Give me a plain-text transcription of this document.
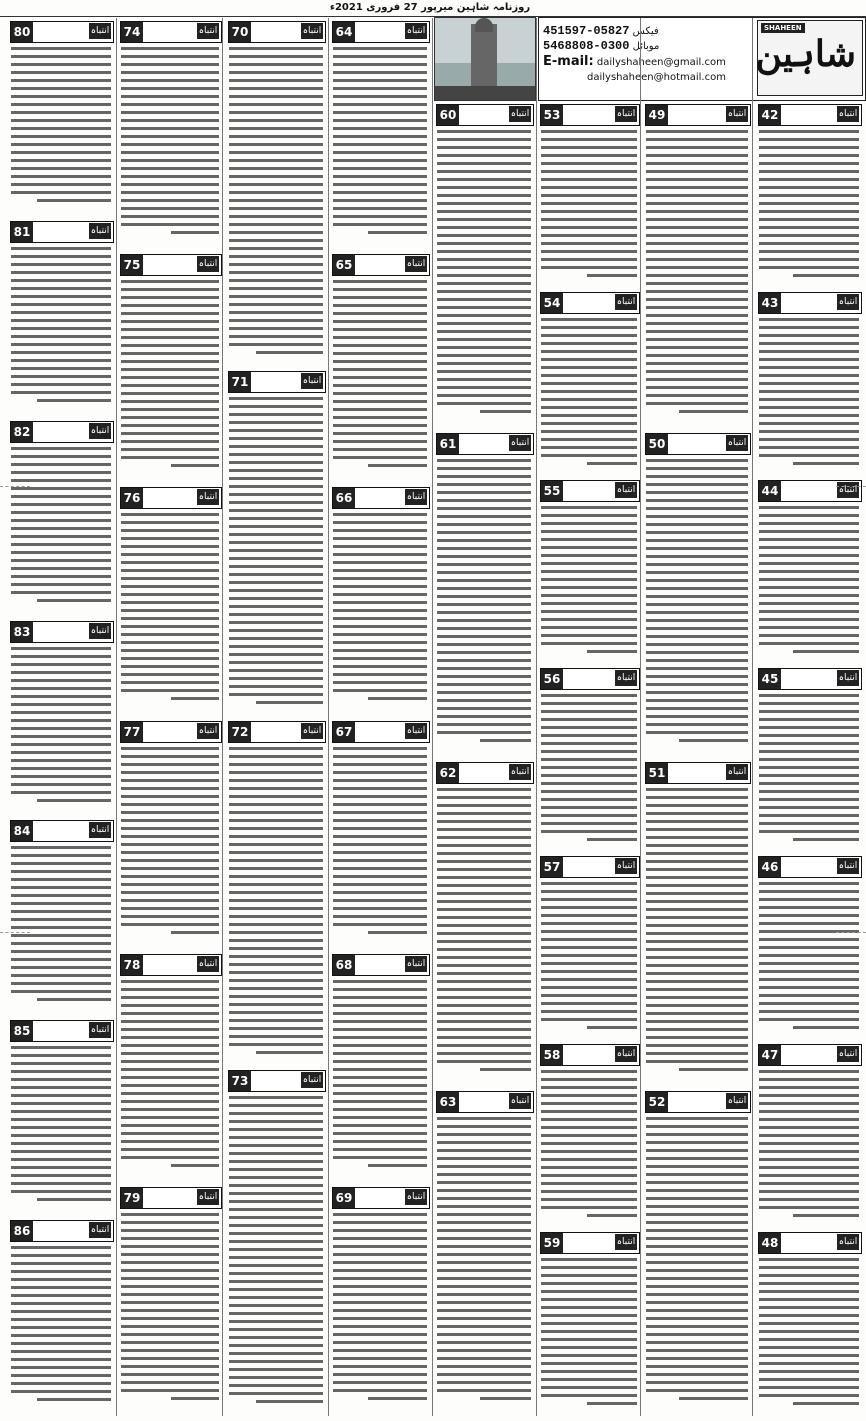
روزنامہ شاہین میرپور 27 فروری 2021ء
SHAHEEN
شاہین
فیکس 05827-451597
موبائل 0300-5468808
E-mail: dailyshaheen@gmail.com
dailyshaheen@hotmail.com
42	انتباہ
43	انتباہ
44	انتباہ
45	انتباہ
46	انتباہ
47	انتباہ
48	انتباہ
49	انتباہ
50	انتباہ
51	انتباہ
52	انتباہ
53	انتباہ
54	انتباہ
55	انتباہ
56	انتباہ
57	انتباہ
58	انتباہ
59	انتباہ
60	انتباہ
61	انتباہ
62	انتباہ
63	انتباہ
64	انتباہ
65	انتباہ
66	انتباہ
67	انتباہ
68	انتباہ
69	انتباہ
70	انتباہ
71	انتباہ
72	انتباہ
73	انتباہ
74	انتباہ
75	انتباہ
76	انتباہ
77	انتباہ
78	انتباہ
79	انتباہ
80	انتباہ
81	انتباہ
82	انتباہ
83	انتباہ
84	انتباہ
85	انتباہ
86	انتباہ
